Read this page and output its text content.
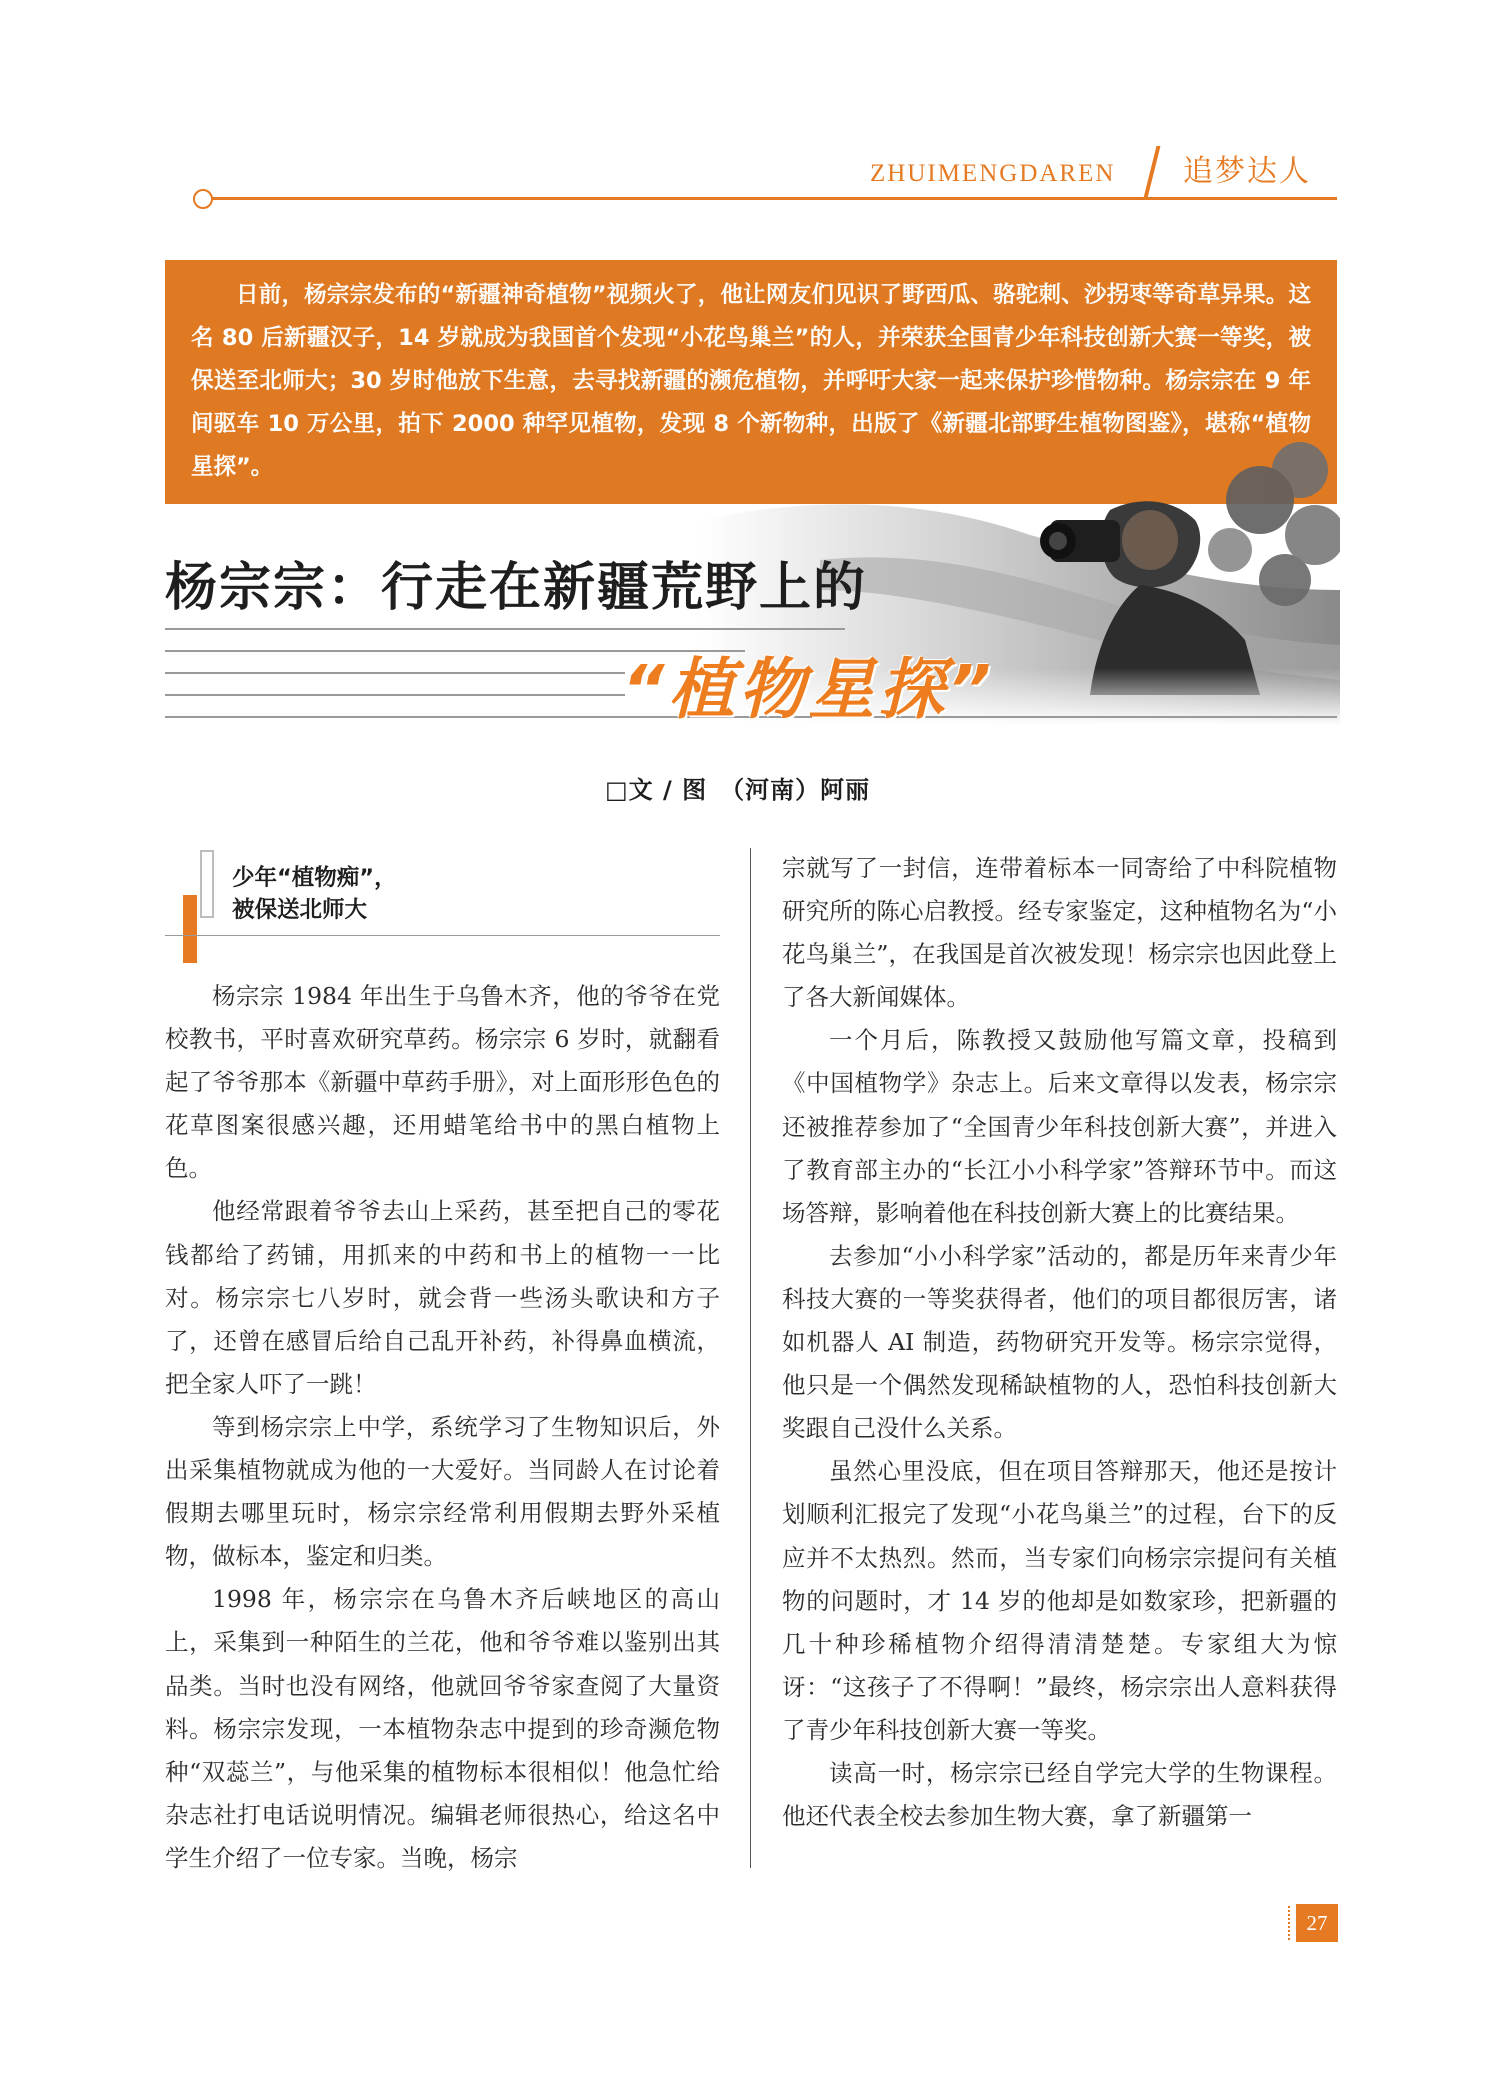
ZHUIMENGDAREN	追梦达人
日前，杨宗宗发布的“新疆神奇植物”视频火了，他让网友们见识了野西瓜、骆驼刺、沙拐枣等奇草异果。这名 80 后新疆汉子，14 岁就成为我国首个发现“小花鸟巢兰”的人，并荣获全国青少年科技创新大赛一等奖，被保送至北师大；30 岁时他放下生意，去寻找新疆的濒危植物，并呼吁大家一起来保护珍惜物种。杨宗宗在 9 年间驱车 10 万公里，拍下 2000 种罕见植物，发现 8 个新物种，出版了《新疆北部野生植物图鉴》，堪称“植物星探”。
杨宗宗：行走在新疆荒野上的
“植物星探”
□文 / 图　（河南）阿丽
少年“植物痴”，
被保送北师大

杨宗宗 1984 年出生于乌鲁木齐，他的爷爷在党校教书，平时喜欢研究草药。杨宗宗 6 岁时，就翻看起了爷爷那本《新疆中草药手册》，对上面形形色色的花草图案很感兴趣，还用蜡笔给书中的黑白植物上色。

他经常跟着爷爷去山上采药，甚至把自己的零花钱都给了药铺，用抓来的中药和书上的植物一一比对。杨宗宗七八岁时，就会背一些汤头歌诀和方子了，还曾在感冒后给自己乱开补药，补得鼻血横流，把全家人吓了一跳！

等到杨宗宗上中学，系统学习了生物知识后，外出采集植物就成为他的一大爱好。当同龄人在讨论着假期去哪里玩时，杨宗宗经常利用假期去野外采植物，做标本，鉴定和归类。

1998 年，杨宗宗在乌鲁木齐后峡地区的高山上，采集到一种陌生的兰花，他和爷爷难以鉴别出其品类。当时也没有网络，他就回爷爷家查阅了大量资料。杨宗宗发现，一本植物杂志中提到的珍奇濒危物种“双蕊兰”，与他采集的植物标本很相似！他急忙给杂志社打电话说明情况。编辑老师很热心，给这名中学生介绍了一位专家。当晚，杨宗

宗就写了一封信，连带着标本一同寄给了中科院植物研究所的陈心启教授。经专家鉴定，这种植物名为“小花鸟巢兰”，在我国是首次被发现！杨宗宗也因此登上了各大新闻媒体。

一个月后，陈教授又鼓励他写篇文章，投稿到《中国植物学》杂志上。后来文章得以发表，杨宗宗还被推荐参加了“全国青少年科技创新大赛”，并进入了教育部主办的“长江小小科学家”答辩环节中。而这场答辩，影响着他在科技创新大赛上的比赛结果。

去参加“小小科学家”活动的，都是历年来青少年科技大赛的一等奖获得者，他们的项目都很厉害，诸如机器人 AI 制造，药物研究开发等。杨宗宗觉得，他只是一个偶然发现稀缺植物的人，恐怕科技创新大奖跟自己没什么关系。

虽然心里没底，但在项目答辩那天，他还是按计划顺利汇报完了发现“小花鸟巢兰”的过程，台下的反应并不太热烈。然而，当专家们向杨宗宗提问有关植物的问题时，才 14 岁的他却是如数家珍，把新疆的几十种珍稀植物介绍得清清楚楚。专家组大为惊讶：“这孩子了不得啊！”最终，杨宗宗出人意料获得了青少年科技创新大赛一等奖。

读高一时，杨宗宗已经自学完大学的生物课程。他还代表全校去参加生物大赛，拿了新疆第一

27
